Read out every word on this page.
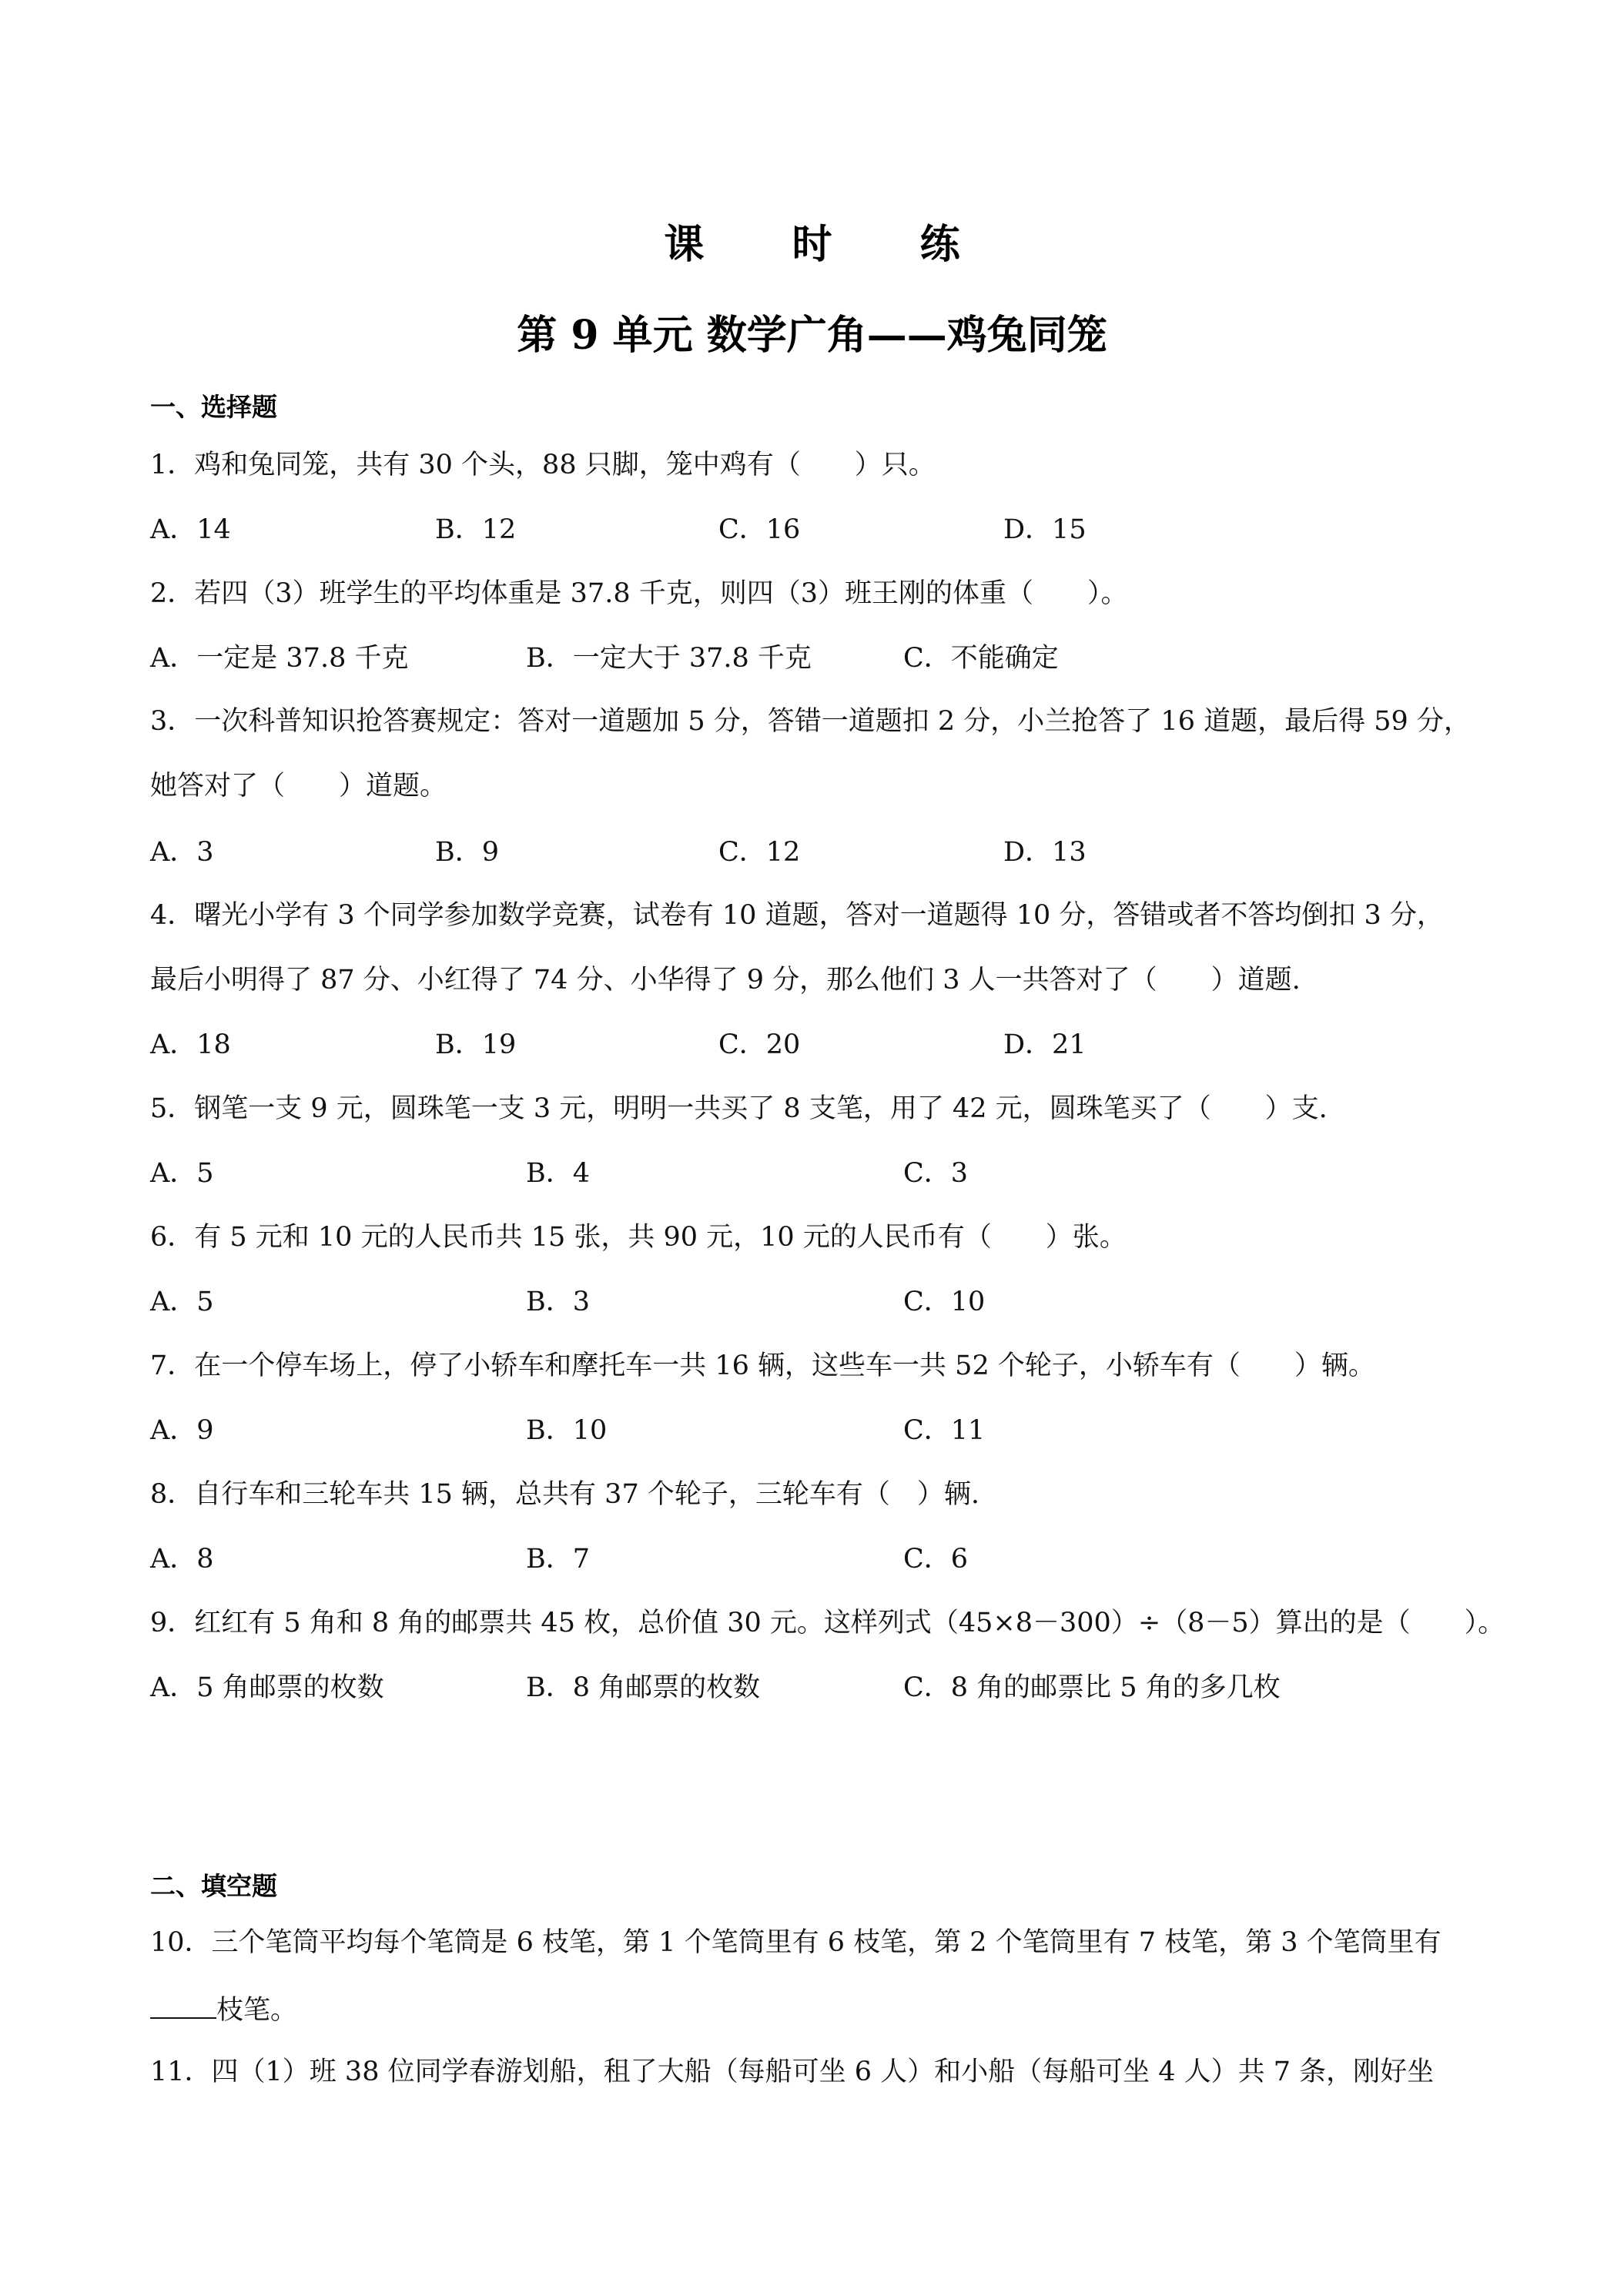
课 时 练
第 9 单元 数学广角——鸡兔同笼
一、选择题
1．鸡和兔同笼，共有 30 个头，88 只脚，笼中鸡有（　　）只。
A．14	B．12	C．16	D．15
2．若四（3）班学生的平均体重是 37.8 千克，则四（3）班王刚的体重（　　）。
A．一定是 37.8 千克	B．一定大于 37.8 千克	C．不能确定
3．一次科普知识抢答赛规定：答对一道题加 5 分，答错一道题扣 2 分，小兰抢答了 16 道题，最后得 59 分，
她答对了（　　）道题。
A．3	B．9	C．12	D．13
4．曙光小学有 3 个同学参加数学竞赛，试卷有 10 道题，答对一道题得 10 分，答错或者不答均倒扣 3 分，
最后小明得了 87 分、小红得了 74 分、小华得了 9 分，那么他们 3 人一共答对了（　　）道题.
A．18	B．19	C．20	D．21
5．钢笔一支 9 元，圆珠笔一支 3 元，明明一共买了 8 支笔，用了 42 元，圆珠笔买了（　　）支.
A．5	B．4	C．3
6．有 5 元和 10 元的人民币共 15 张，共 90 元，10 元的人民币有（　　）张。
A．5	B．3	C．10
7．在一个停车场上，停了小轿车和摩托车一共 16 辆，这些车一共 52 个轮子，小轿车有（　　）辆。
A．9	B．10	C．11
8．自行车和三轮车共 15 辆，总共有 37 个轮子，三轮车有（　）辆.
A．8	B．7	C．6
9．红红有 5 角和 8 角的邮票共 45 枚，总价值 30 元。这样列式（45×8－300）÷（8－5）算出的是（　　）。
A．5 角邮票的枚数	B．8 角邮票的枚数	C．8 角的邮票比 5 角的多几枚
二、填空题
10．三个笔筒平均每个笔筒是 6 枝笔，第 1 个笔筒里有 6 枝笔，第 2 个笔筒里有 7 枝笔，第 3 个笔筒里有
枝笔。
11．四（1）班 38 位同学春游划船，租了大船（每船可坐 6 人）和小船（每船可坐 4 人）共 7 条，刚好坐
